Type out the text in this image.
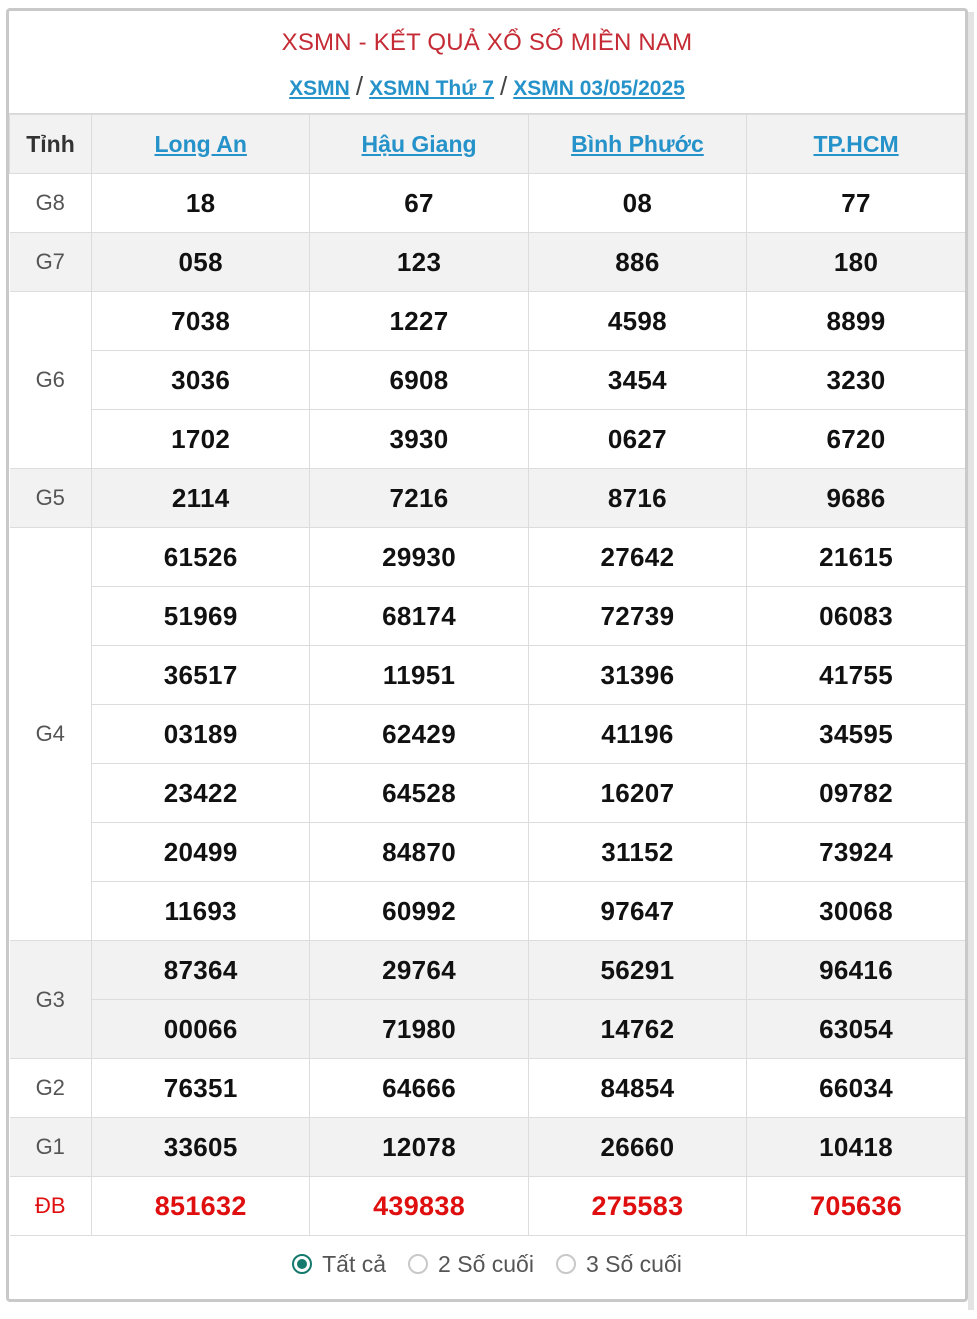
XSMN - KẾT QUẢ XỔ SỐ MIỀN NAM
XSMN / XSMN Thứ 7 / XSMN 03/05/2025
Tỉnh	Long An	Hậu Giang	Bình Phước	TP.HCM
G8	18	67	08	77
G7	058	123	886	180
G6	7038	1227	4598	8899
	3036	6908	3454	3230
	1702	3930	0627	6720
G5	2114	7216	8716	9686
G4	61526	29930	27642	21615
	51969	68174	72739	06083
	36517	11951	31396	41755
	03189	62429	41196	34595
	23422	64528	16207	09782
	20499	84870	31152	73924
	11693	60992	97647	30068
G3	87364	29764	56291	96416
	00066	71980	14762	63054
G2	76351	64666	84854	66034
G1	33605	12078	26660	10418
ĐB	851632	439838	275583	705636
Tất cả 2 Số cuối 3 Số cuối
